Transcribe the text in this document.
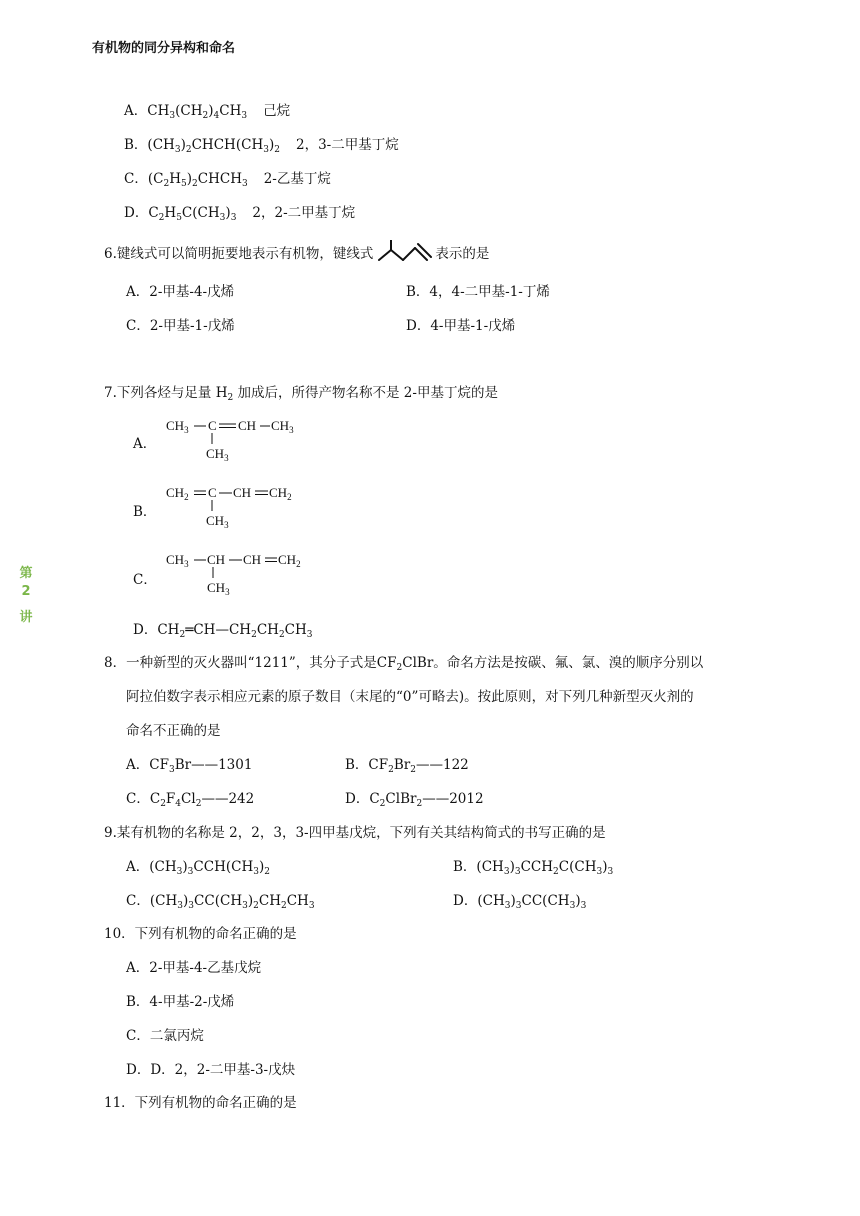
有机物的同分异构和命名
第
2
讲
A．$CH_3(CH_2)_4CH_3$ 己烷
B．$(CH_3)_2CHCH(CH_3)_2$ 2，3-二甲基丁烷
C．$(C_2H_5)_2CHCH_3$ 2-乙基丁烷
D．$C_2H_5C(CH_3)_3$ 2，2-二甲基丁烷
6.键线式可以简明扼要地表示有机物，键线式	表示的是
A．2-甲基-4-戊烯	B．4，4-二甲基-1-丁烯
C．2-甲基-1-戊烯	D．4-甲基-1-戊烯
7.下列各烃与足量 $H_2$ 加成后，所得产物名称不是 2-甲基丁烷的是
A．
$CH_3$ C CH $CH_3$
$CH_3$
B．
$CH_2$ C CH $CH_2$
$CH_3$
C．
$CH_3$ CH CH $CH_2$
$CH_3$
D．$CH_2═CH—CH_2CH_2CH_3$
8．一种新型的灭火器叫“1211”，其分子式是$CF_2ClBr$。命名方法是按碳、氟、氯、溴的顺序分别以
阿拉伯数字表示相应元素的原子数目（末尾的“0”可略去)。按此原则，对下列几种新型灭火剂的
命名不正确的是
A．$CF_3Br——1301$	B．$CF_2Br_2——122$
C．$C_2F_4Cl_2——242$	D．$C_2ClBr_2——2012$
9.某有机物的名称是 2，2，3，3-四甲基戊烷，下列有关其结构简式的书写正确的是
A．$(CH_3)_3CCH(CH_3)_2$	B．$(CH_3)_3CCH_2C(CH_3)_3$
C．$(CH_3)_3CC(CH_3)_2CH_2CH_3$	D．$(CH_3)_3CC(CH_3)_3$
10．下列有机物的命名正确的是
A．2-甲基-4-乙基戊烷
B．4-甲基-2-戊烯
C．二氯丙烷
D．D．2，2-二甲基-3-戊炔
11．下列有机物的命名正确的是
